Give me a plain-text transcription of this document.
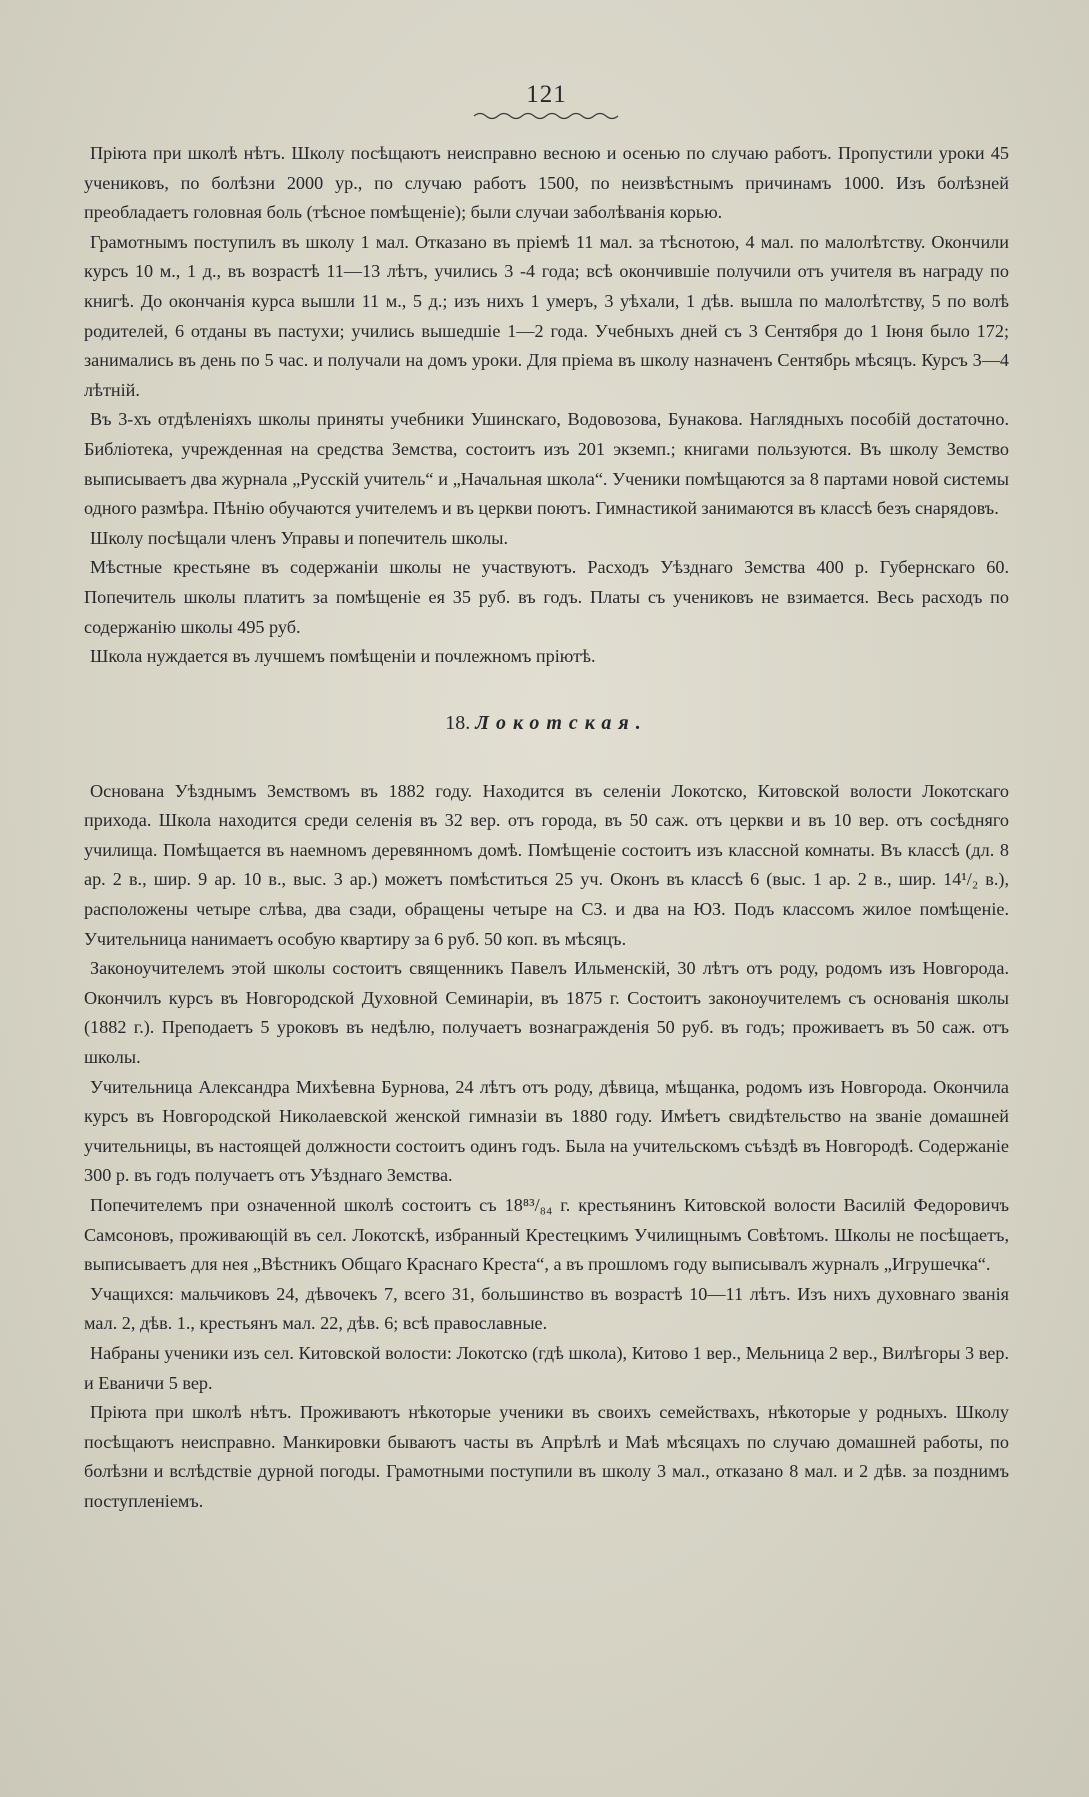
121

Пріюта при школѣ нѣтъ. Школу посѣщаютъ неисправно весною и осенью по случаю работъ. Пропустили уроки 45 учениковъ, по болѣзни 2000 ур., по случаю работъ 1500, по неизвѣстнымъ причинамъ 1000. Изъ болѣзней преобладаетъ головная боль (тѣсное помѣщеніе); были случаи заболѣванія корью.

Грамотнымъ поступилъ въ школу 1 мал. Отказано въ пріемѣ 11 мал. за тѣснотою, 4 мал. по малолѣтству. Окончили курсъ 10 м., 1 д., въ возрастѣ 11—13 лѣтъ, учились 3 -4 года; всѣ окончившіе получили отъ учителя въ награду по книгѣ. До окончанія курса вышли 11 м., 5 д.; изъ нихъ 1 умеръ, 3 уѣхали, 1 дѣв. вышла по малолѣтству, 5 по волѣ родителей, 6 отданы въ пастухи; учились вышедшіе 1—2 года. Учебныхъ дней съ 3 Сентября до 1 Іюня было 172; занимались въ день по 5 час. и получали на домъ уроки. Для пріема въ школу назначенъ Сентябрь мѣсяцъ. Курсъ 3—4 лѣтній.

Въ 3-хъ отдѣленіяхъ школы приняты учебники Ушинскаго, Водовозова, Бунакова. Наглядныхъ пособій достаточно. Библіотека, учрежденная на средства Земства, состоитъ изъ 201 экземп.; книгами пользуются. Въ школу Земство выписываетъ два журнала „Русскій учитель“ и „Начальная школа“. Ученики помѣщаются за 8 партами новой системы одного размѣра. Пѣнію обучаются учителемъ и въ церкви поютъ. Гимнастикой занимаются въ классѣ безъ снарядовъ.

Школу посѣщали членъ Управы и попечитель школы.

Мѣстные крестьяне въ содержаніи школы не участвуютъ. Расходъ Уѣзднаго Земства 400 р. Губернскаго 60. Попечитель школы платитъ за помѣщеніе ея 35 руб. въ годъ. Платы съ учениковъ не взимается. Весь расходъ по содержанію школы 495 руб.

Школа нуждается въ лучшемъ помѣщеніи и почлежномъ пріютѣ.

18. Локотская.

Основана Уѣзднымъ Земствомъ въ 1882 году. Находится въ селеніи Локотско, Китовской волости Локотскаго прихода. Школа находится среди селенія въ 32 вер. отъ города, въ 50 саж. отъ церкви и въ 10 вер. отъ сосѣдняго училища. Помѣщается въ наемномъ деревянномъ домѣ. Помѣщеніе состоитъ изъ классной комнаты. Въ классѣ (дл. 8 ар. 2 в., шир. 9 ар. 10 в., выс. 3 ар.) можетъ помѣститься 25 уч. Оконъ въ классѣ 6 (выс. 1 ар. 2 в., шир. 14¹/₂ в.), расположены четыре слѣва, два сзади, обращены четыре на СЗ. и два на ЮЗ. Подъ классомъ жилое помѣщеніе. Учительница нанимаетъ особую квартиру за 6 руб. 50 коп. въ мѣсяцъ.

Законоучителемъ этой школы состоитъ священникъ Павелъ Ильменскій, 30 лѣтъ отъ роду, родомъ изъ Новгорода. Окончилъ курсъ въ Новгородской Духовной Семинаріи, въ 1875 г. Состоитъ законоучителемъ съ основанія школы (1882 г.). Преподаетъ 5 уроковъ въ недѣлю, получаетъ вознагражденія 50 руб. въ годъ; проживаетъ въ 50 саж. отъ школы.

Учительница Александра Михѣевна Бурнова, 24 лѣтъ отъ роду, дѣвица, мѣщанка, родомъ изъ Новгорода. Окончила курсъ въ Новгородской Николаевской женской гимназіи въ 1880 году. Имѣетъ свидѣтельство на званіе домашней учительницы, въ настоящей должности состоитъ одинъ годъ. Была на учительскомъ съѣздѣ въ Новгородѣ. Содержаніе 300 р. въ годъ получаетъ отъ Уѣзднаго Земства.

Попечителемъ при означенной школѣ состоитъ съ 18⁸³/₈₄ г. крестьянинъ Китовской волости Василій Федоровичъ Самсоновъ, проживающій въ сел. Локотскѣ, избранный Крестецкимъ Училищнымъ Совѣтомъ. Школы не посѣщаетъ, выписываетъ для нея „Вѣстникъ Общаго Краснаго Креста“, а въ прошломъ году выписывалъ журналъ „Игрушечка“.

Учащихся: мальчиковъ 24, дѣвочекъ 7, всего 31, большинство въ возрастѣ 10—11 лѣтъ. Изъ нихъ духовнаго званія мал. 2, дѣв. 1., крестьянъ мал. 22, дѣв. 6; всѣ православные.

Набраны ученики изъ сел. Китовской волости: Локотско (гдѣ школа), Китово 1 вер., Мельница 2 вер., Вилѣгоры 3 вер. и Еваничи 5 вер.

Пріюта при школѣ нѣтъ. Проживаютъ нѣкоторые ученики въ своихъ семействахъ, нѣкоторые у родныхъ. Школу посѣщаютъ неисправно. Манкировки бываютъ часты въ Апрѣлѣ и Маѣ мѣсяцахъ по случаю домашней работы, по болѣзни и вслѣдствіе дурной погоды. Грамотными поступили въ школу 3 мал., отказано 8 мал. и 2 дѣв. за позднимъ поступленіемъ.
